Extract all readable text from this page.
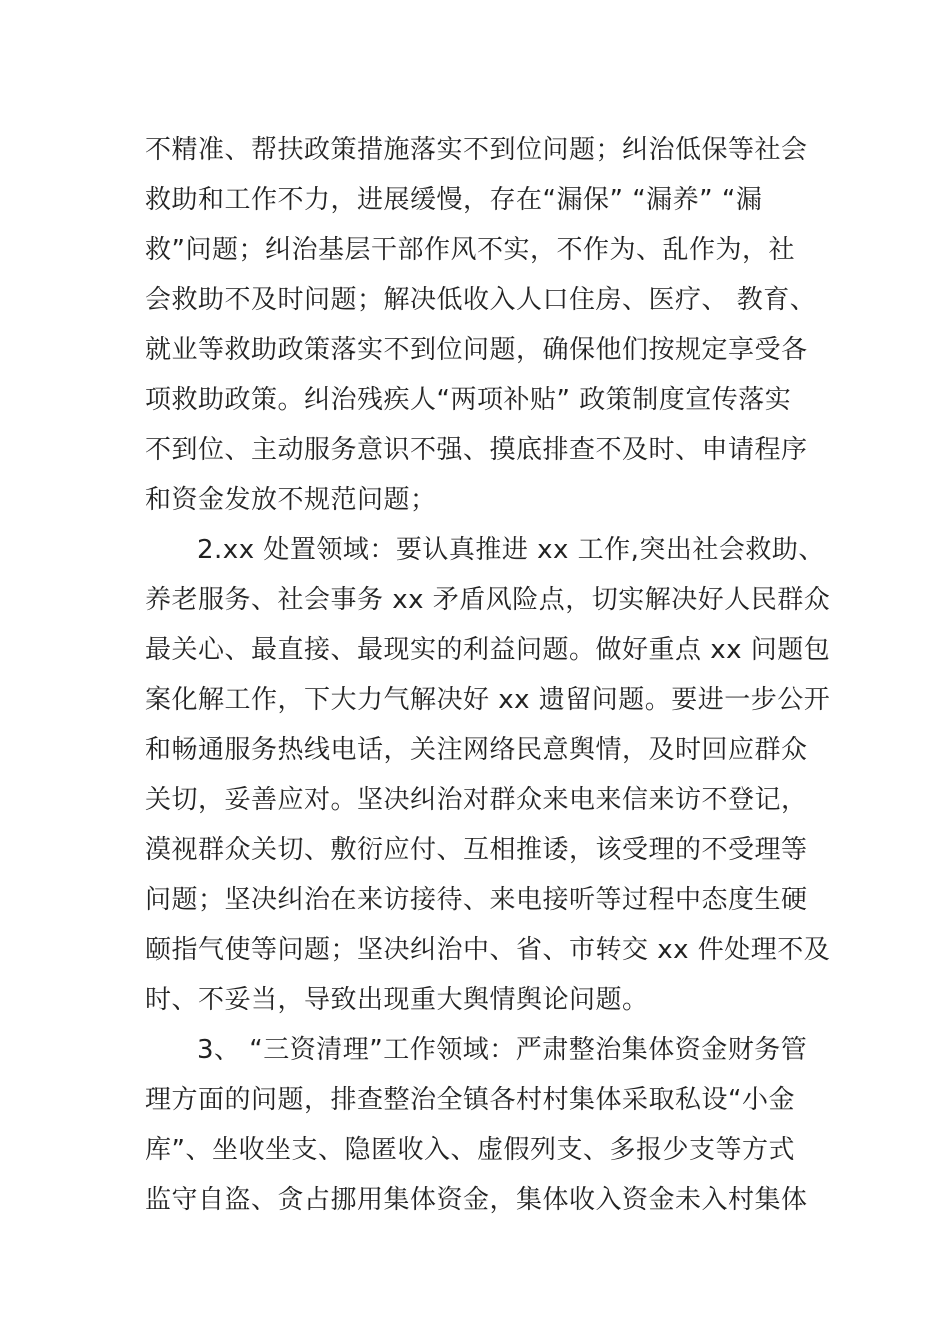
不精准、帮扶政策措施落实不到位问题；纠治低保等社会
救助和工作不力，进展缓慢，存在“漏保” “漏养” “漏
救”问题；纠治基层干部作风不实，不作为、乱作为，社
会救助不及时问题；解决低收入人口住房、医疗、 教育、
就业等救助政策落实不到位问题，确保他们按规定享受各
项救助政策。纠治残疾人“两项补贴” 政策制度宣传落实
不到位、主动服务意识不强、摸底排查不及时、申请程序
和资金发放不规范问题；
2.xx 处置领域：要认真推进 xx 工作,突出社会救助、
养老服务、社会事务 xx 矛盾风险点，切实解决好人民群众
最关心、最直接、最现实的利益问题。做好重点 xx 问题包
案化解工作，下大力气解决好 xx 遗留问题。要进一步公开
和畅通服务热线电话，关注网络民意舆情，及时回应群众
关切，妥善应对。坚决纠治对群众来电来信来访不登记，
漠视群众关切、敷衍应付、互相推诿，该受理的不受理等
问题；坚决纠治在来访接待、来电接听等过程中态度生硬
颐指气使等问题；坚决纠治中、省、市转交 xx 件处理不及
时、不妥当，导致出现重大舆情舆论问题。
3、 “三资清理”工作领域：严肃整治集体资金财务管
理方面的问题，排查整治全镇各村村集体采取私设“小金
库”、坐收坐支、隐匿收入、虚假列支、多报少支等方式
监守自盗、贪占挪用集体资金，集体收入资金未入村集体
